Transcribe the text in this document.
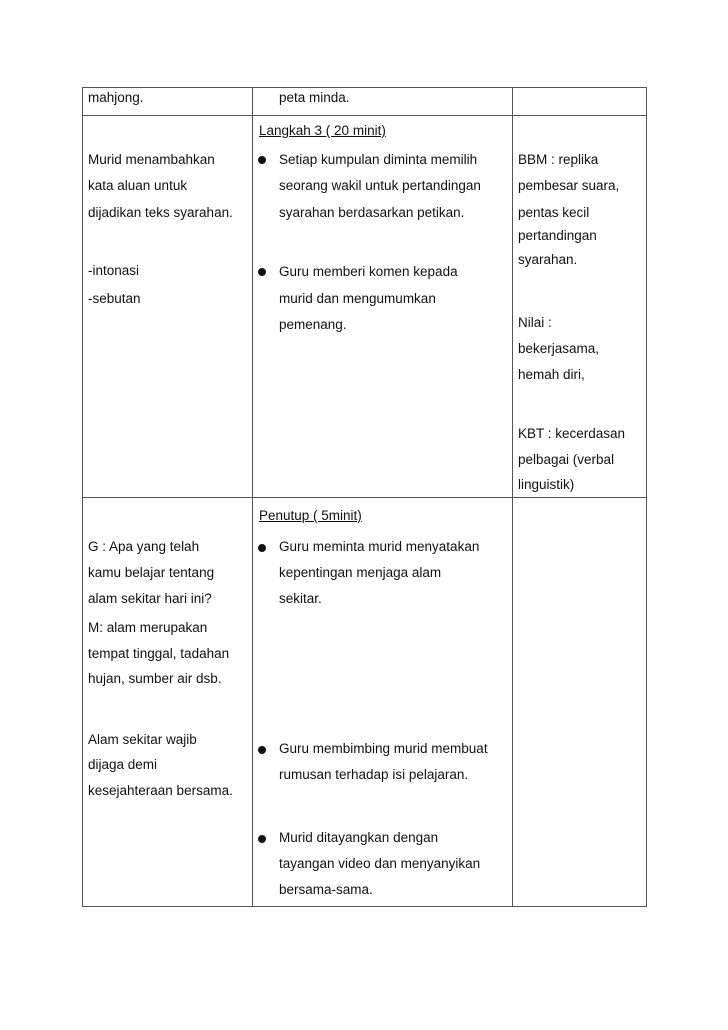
mahjong.	peta minda.
Murid menambahkan
kata aluan untuk
dijadikan teks syarahan.
-intonasi
-sebutan
Langkah 3 ( 20 minit)
Setiap kumpulan diminta memilih
seorang wakil untuk pertandingan
syarahan berdasarkan petikan.
Guru memberi komen kepada
murid dan mengumumkan
pemenang.
BBM : replika
pembesar suara,
pentas kecil
pertandingan
syarahan.
Nilai :
bekerjasama,
hemah diri,
KBT : kecerdasan
pelbagai (verbal
linguistik)
G : Apa yang telah
kamu belajar tentang
alam sekitar hari ini?
M: alam merupakan
tempat tinggal, tadahan
hujan, sumber air dsb.
Alam sekitar wajib
dijaga demi
kesejahteraan bersama.
Penutup ( 5minit)
Guru meminta murid menyatakan
kepentingan menjaga alam
sekitar.
Guru membimbing murid membuat
rumusan terhadap isi pelajaran.
Murid ditayangkan dengan
tayangan video dan menyanyikan
bersama-sama.
